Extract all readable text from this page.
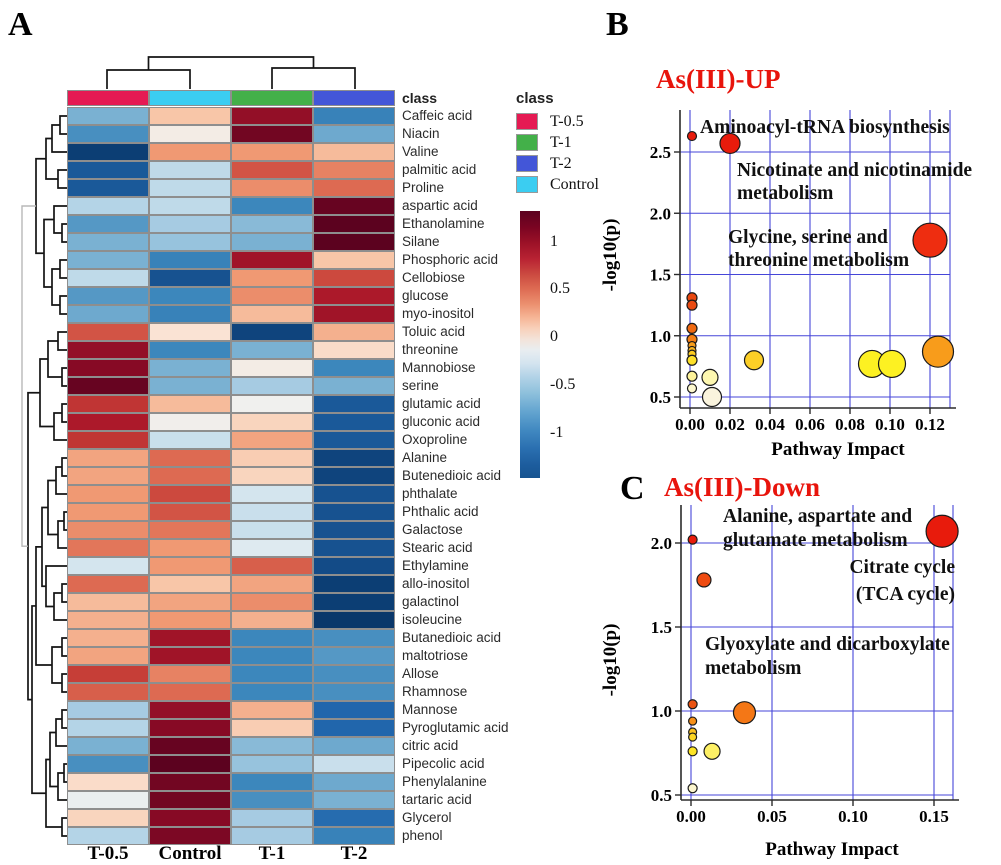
A	B
C
class
Caffeic acid
Niacin
Valine
palmitic acid
Proline
aspartic acid
Ethanolamine
Silane
Phosphoric acid
Cellobiose
glucose
myo-inositol
Toluic acid
threonine
Mannobiose
serine
glutamic acid
gluconic acid
Oxoproline
Alanine
Butenedioic acid
phthalate
Phthalic acid
Galactose
Stearic acid
Ethylamine
allo-inositol
galactinol
isoleucine
Butanedioic acid
maltotriose
Allose
Rhamnose
Mannose
Pyroglutamic acid
citric acid
Pipecolic acid
Phenylalanine
tartaric acid
Glycerol
phenol
T-0.5	Control	T-1	T-2
class
T-0.5
T-1
T-2
Control
1
0.5
0
-0.5
-1
As(III)-UP
0.00 0.02 0.04 0.06 0.08 0.10 0.12
0.5
1.0
1.5
2.0
2.5
Pathway Impact
-log10(p)
Aminoacyl-tRNA biosynthesis
Nicotinate and nicotinamide
metabolism
Glycine, serine and
threonine metabolism
As(III)-Down
0.00	0.05	0.10	0.15
0.5
1.0
1.5
2.0
Pathway Impact
-log10(p)
Alanine, aspartate and
glutamate metabolism
Citrate cycle
(TCA cycle)
Glyoxylate and dicarboxylate
metabolism
